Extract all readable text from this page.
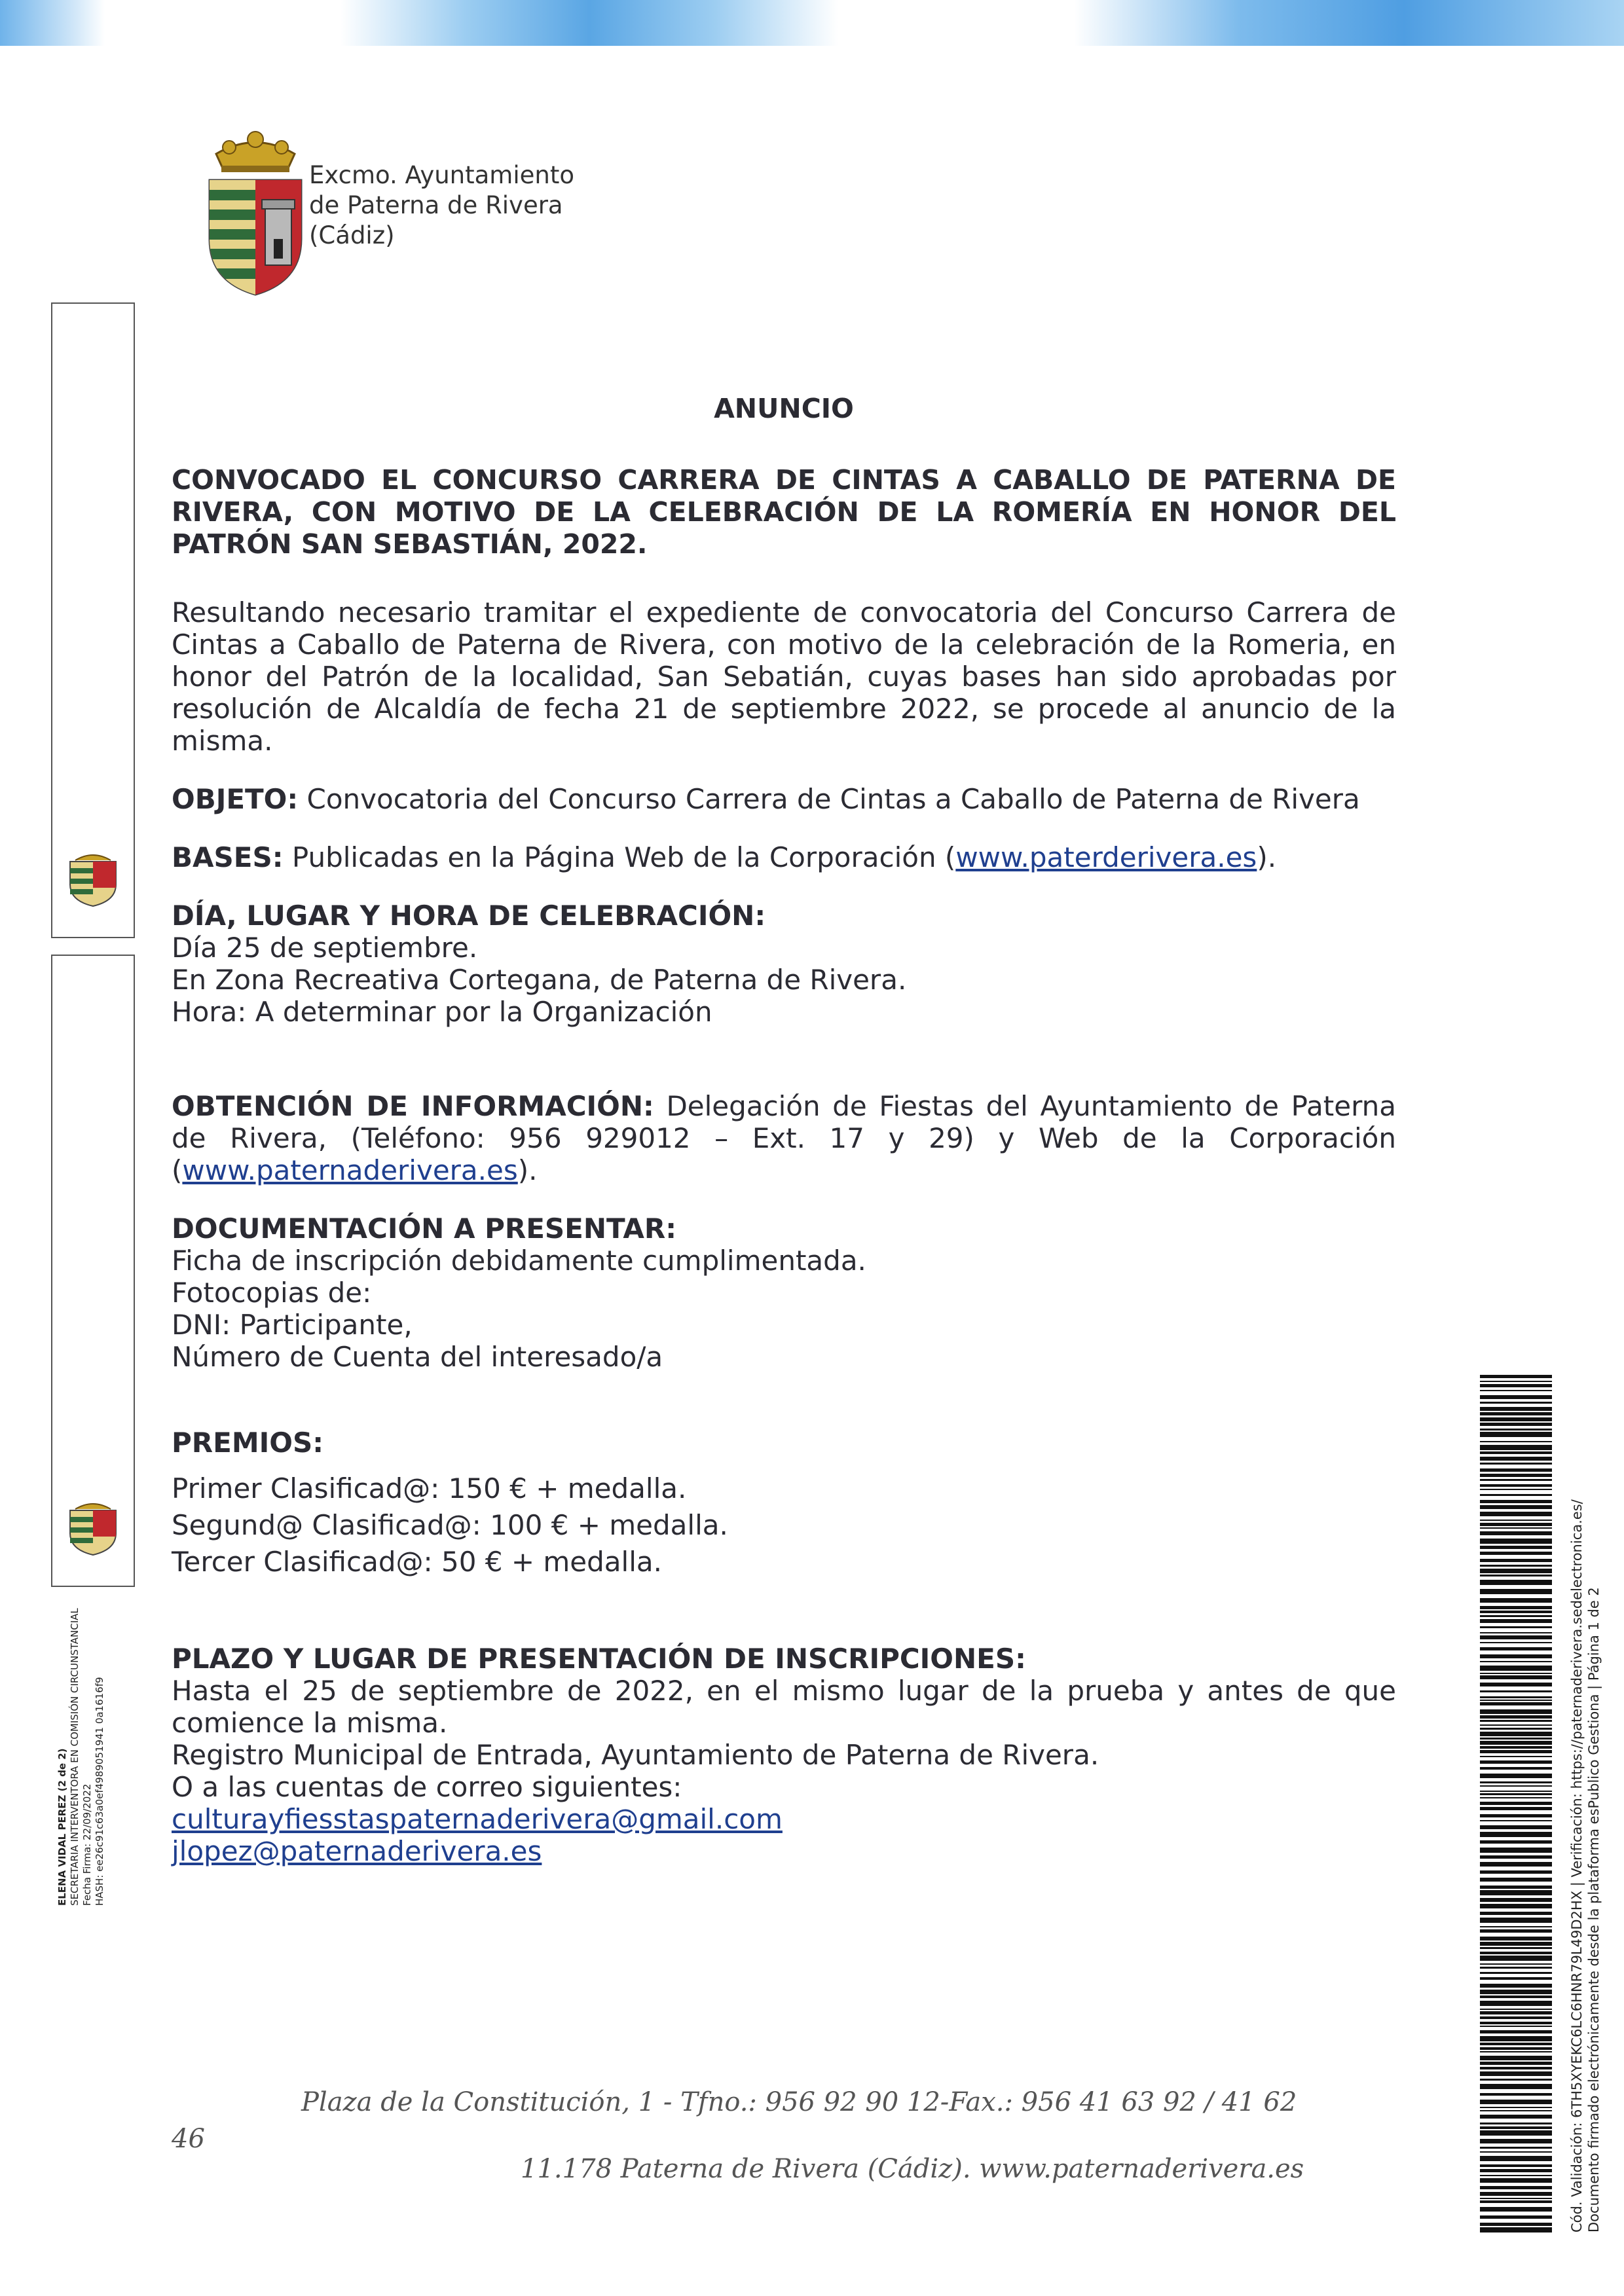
Excmo. Ayuntamiento
de Paterna de Rivera
(Cádiz)
ELENA VIDAL PEREZ (2 de 2) SECRETARIA INTERVENTORA EN COMISIÓN CIRCUNSTANCIAL Fecha Firma: 22/09/2022 HASH: ee26c91c63a0ef4989051941 0a1616f9
ANUNCIO
CONVOCADO EL CONCURSO CARRERA DE CINTAS A CABALLO DE PATERNA DE RIVERA, CON MOTIVO DE LA CELEBRACIÓN DE LA ROMERÍA EN HONOR DEL PATRÓN SAN SEBASTIÁN, 2022.
Resultando necesario tramitar el expediente de convocatoria del Concurso Carrera de Cintas a Caballo de Paterna de Rivera, con motivo de la celebración de la Romeria, en honor del Patrón de la localidad, San Sebatián, cuyas bases han sido aprobadas por resolución de Alcaldía de fecha 21 de septiembre 2022, se procede al anuncio de la misma.
OBJETO: Convocatoria del Concurso Carrera de Cintas a Caballo de Paterna de Rivera
BASES: Publicadas en la Página Web de la Corporación (www.paterderivera.es).
DÍA, LUGAR Y HORA DE CELEBRACIÓN:
Día 25 de septiembre.
En Zona Recreativa Cortegana, de Paterna de Rivera.
Hora: A determinar por la Organización
OBTENCIÓN DE INFORMACIÓN: Delegación de Fiestas del Ayuntamiento de Paterna de Rivera, (Teléfono: 956 929012 – Ext. 17 y 29) y Web de la Corporación (www.paternaderivera.es).
DOCUMENTACIÓN A PRESENTAR:
Ficha de inscripción debidamente cumplimentada.
Fotocopias de:
DNI: Participante,
Número de Cuenta del interesado/a
PREMIOS:
Primer Clasificad@: 150 € + medalla.
Segund@ Clasificad@: 100 € + medalla.
Tercer Clasificad@: 50 € + medalla.
PLAZO Y LUGAR DE PRESENTACIÓN DE INSCRIPCIONES:
Hasta el 25 de septiembre de 2022, en el mismo lugar de la prueba y antes de que comience la misma.
Registro Municipal de Entrada, Ayuntamiento de Paterna de Rivera.
O a las cuentas de correo siguientes:
culturayfiesstaspaternaderivera@gmail.com
jlopez@paternaderivera.es
Plaza de la Constitución, 1 - Tfno.: 956 92 90 12-Fax.: 956 41 63 92 / 41 62
46
11.178 Paterna de Rivera (Cádiz). www.paternaderivera.es	Cód. Validación: 6TH5XYEKC6LC6HNR79L49D2HX | Verificación: https://paternaderivera.sedelectronica.es/ Documento firmado electrónicamente desde la plataforma esPublico Gestiona | Página 1 de 2
